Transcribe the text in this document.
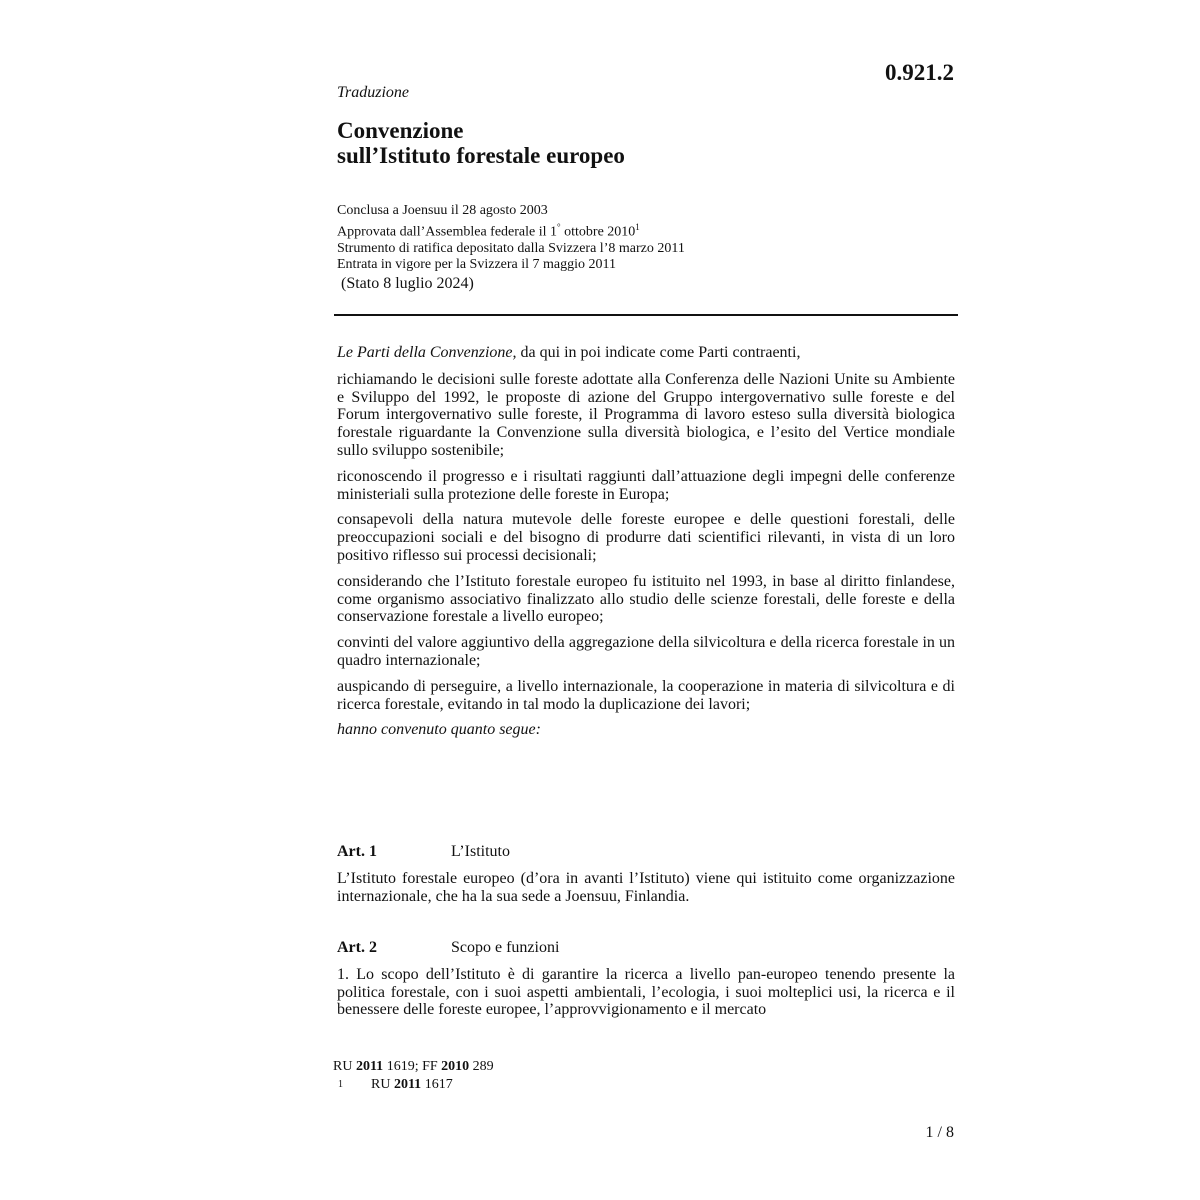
0.921.2
Traduzione
Convenzione
sull’Istituto forestale europeo
Conclusa a Joensuu il 28 agosto 2003
Approvata dall’Assemblea federale il 1° ottobre 2010$^1$
Strumento di ratifica depositato dalla Svizzera l’8 marzo 2011
Entrata in vigore per la Svizzera il 7 maggio 2011
(Stato 8 luglio 2024)

Le Parti della Convenzione, da qui in poi indicate come Parti contraenti,

richiamando le decisioni sulle foreste adottate alla Conferenza delle Nazioni Unite su Ambiente e Sviluppo del 1992, le proposte di azione del Gruppo intergovernativo sulle foreste e del Forum intergovernativo sulle foreste, il Programma di lavoro esteso sulla diversità biologica forestale riguardante la Convenzione sulla diversità biologica, e l’esito del Vertice mondiale sullo sviluppo sostenibile;

riconoscendo il progresso e i risultati raggiunti dall’attuazione degli impegni delle conferenze ministeriali sulla protezione delle foreste in Europa;

consapevoli della natura mutevole delle foreste europee e delle questioni forestali, delle preoccupazioni sociali e del bisogno di produrre dati scientifici rilevanti, in vista di un loro positivo riflesso sui processi decisionali;

considerando che l’Istituto forestale europeo fu istituito nel 1993, in base al diritto finlandese, come organismo associativo finalizzato allo studio delle scienze forestali, delle foreste e della conservazione forestale a livello europeo;

convinti del valore aggiuntivo della aggregazione della silvicoltura e della ricerca forestale in un quadro internazionale;

auspicando di perseguire, a livello internazionale, la cooperazione in materia di silvicoltura e di ricerca forestale, evitando in tal modo la duplicazione dei lavori;

hanno convenuto quanto segue:

Art. 1	L’Istituto

L’Istituto forestale europeo (d’ora in avanti l’Istituto) viene qui istituito come organizzazione internazionale, che ha la sua sede a Joensuu, Finlandia.

Art. 2	Scopo e funzioni

1. Lo scopo dell’Istituto è di garantire la ricerca a livello pan-europeo tenendo presente la politica forestale, con i suoi aspetti ambientali, l’ecologia, i suoi molteplici usi, la ricerca e il benessere delle foreste europee, l’approvvigionamento e il mercato

RU 2011 1619; FF 2010 289
1	RU 2011 1617
1 / 8
